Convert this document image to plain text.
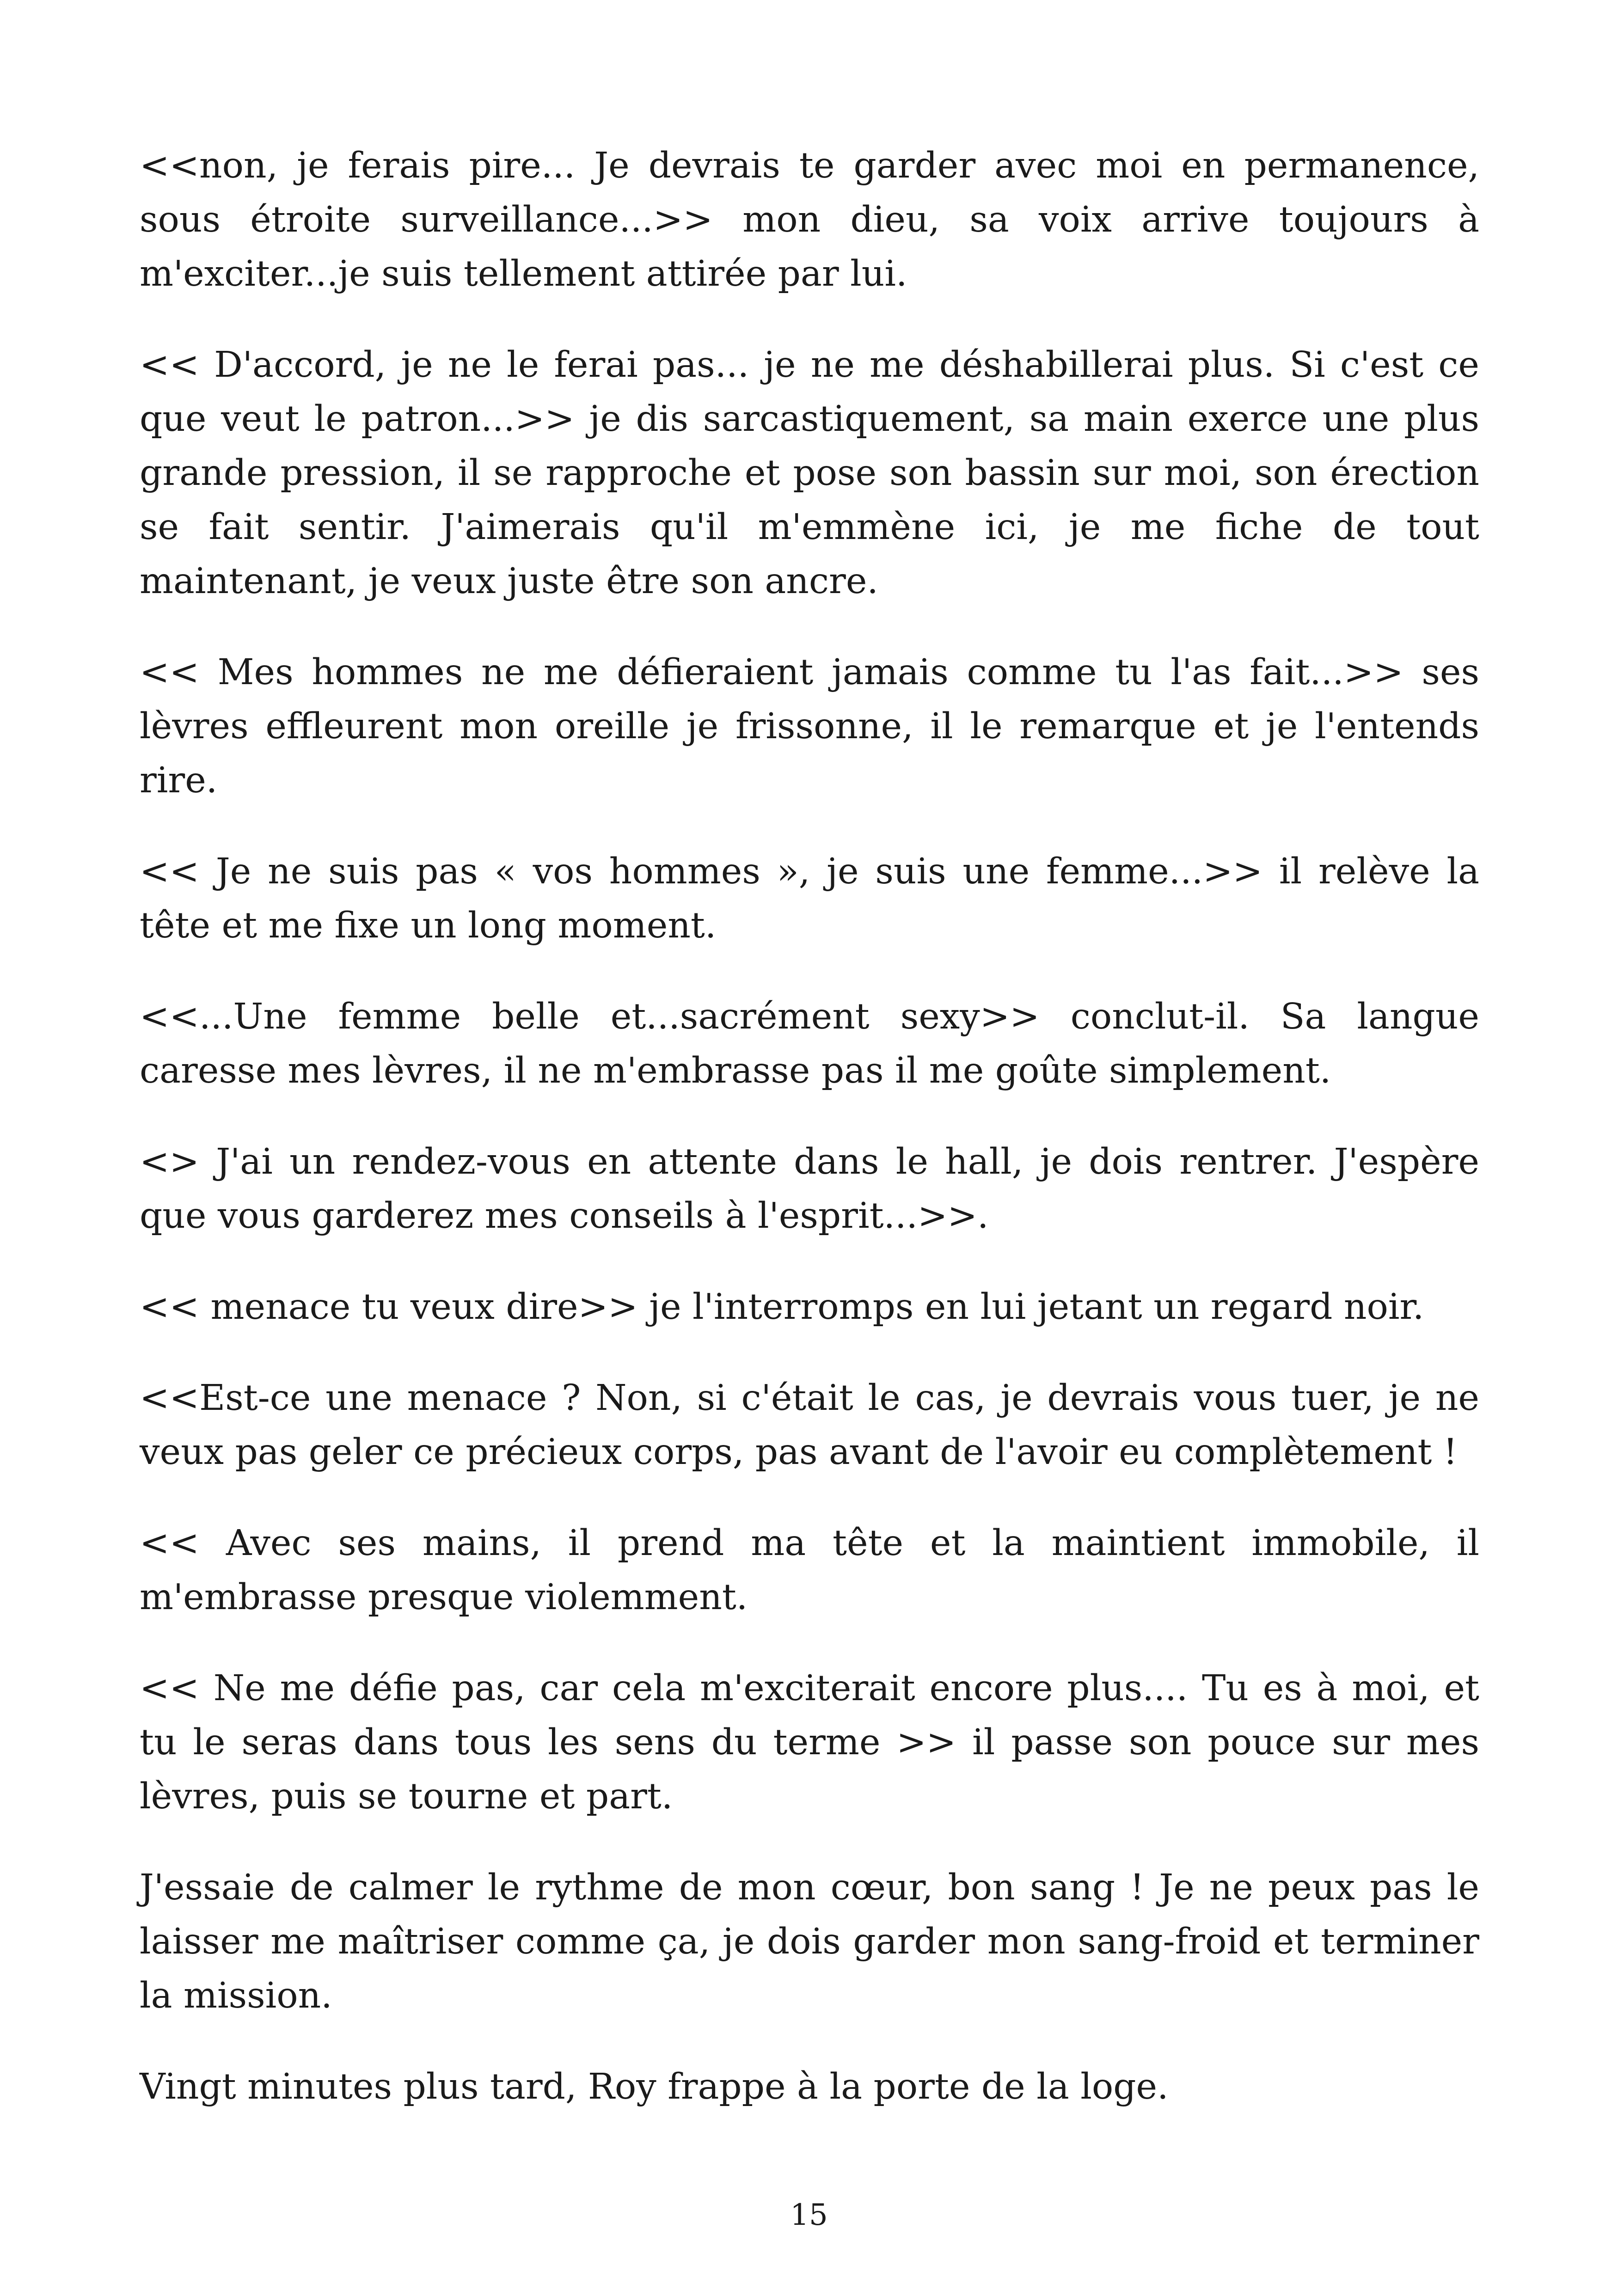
<<non, je ferais pire... Je devrais te garder avec moi en permanence, sous étroite surveillance...>> mon dieu, sa voix arrive toujours à m'exciter...je suis tellement attirée par lui.

<< D'accord, je ne le ferai pas... je ne me déshabillerai plus. Si c'est ce que veut le patron...>> je dis sarcastiquement, sa main exerce une plus grande pression, il se rapproche et pose son bassin sur moi, son érection se fait sentir. J'aimerais qu'il m'emmène ici, je me fiche de tout maintenant, je veux juste être son ancre.

<< Mes hommes ne me défieraient jamais comme tu l'as fait...>> ses lèvres effleurent mon oreille je frissonne, il le remarque et je l'entends rire.

<< Je ne suis pas « vos hommes », je suis une femme...>> il relève la tête et me fixe un long moment.

<<...Une femme belle et...sacrément sexy>> conclut-il. Sa langue caresse mes lèvres, il ne m'embrasse pas il me goûte simplement.

<> J'ai un rendez-vous en attente dans le hall, je dois rentrer. J'espère que vous garderez mes conseils à l'esprit...>>.

<< menace tu veux dire>> je l'interromps en lui jetant un regard noir.

<<Est-ce une menace ? Non, si c'était le cas, je devrais vous tuer, je ne veux pas geler ce précieux corps, pas avant de l'avoir eu complètement !

<< Avec ses mains, il prend ma tête et la maintient immobile, il m'embrasse presque violemment.

<< Ne me défie pas, car cela m'exciterait encore plus.... Tu es à moi, et tu le seras dans tous les sens du terme >> il passe son pouce sur mes lèvres, puis se tourne et part.

J'essaie de calmer le rythme de mon cœur, bon sang ! Je ne peux pas le laisser me maîtriser comme ça, je dois garder mon sang-froid et terminer la mission.

Vingt minutes plus tard, Roy frappe à la porte de la loge.

15
